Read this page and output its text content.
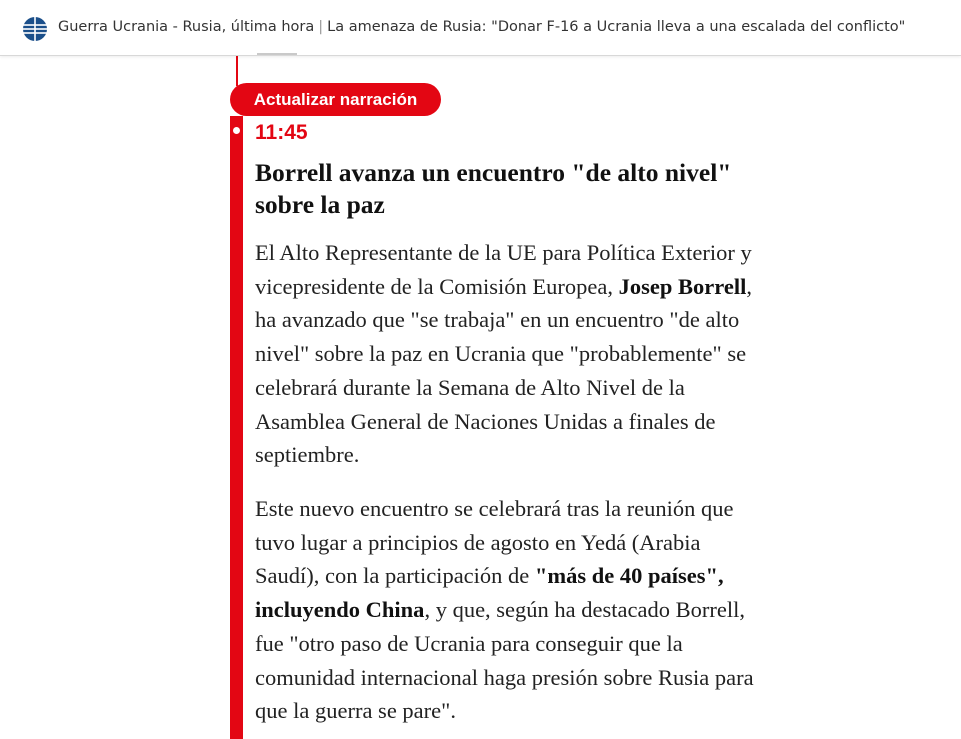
Guerra Ucrania - Rusia, última hora | La amenaza de Rusia: "Donar F-16 a Ucrania lleva a una escalada del conflicto"
Actualizar narración
11:45
Borrell avanza un encuentro "de alto nivel" sobre la paz

El Alto Representante de la UE para Política Exterior y vicepresidente de la Comisión Europea, Josep Borrell, ha avanzado que "se trabaja" en un encuentro "de alto nivel" sobre la paz en Ucrania que "probablemente" se celebrará durante la Semana de Alto Nivel de la Asamblea General de Naciones Unidas a finales de septiembre.

Este nuevo encuentro se celebrará tras la reunión que tuvo lugar a principios de agosto en Yedá (Arabia Saudí), con la participación de "más de 40 países", incluyendo China, y que, según ha destacado Borrell, fue "otro paso de Ucrania para conseguir que la comunidad internacional haga presión sobre Rusia para que la guerra se pare".
